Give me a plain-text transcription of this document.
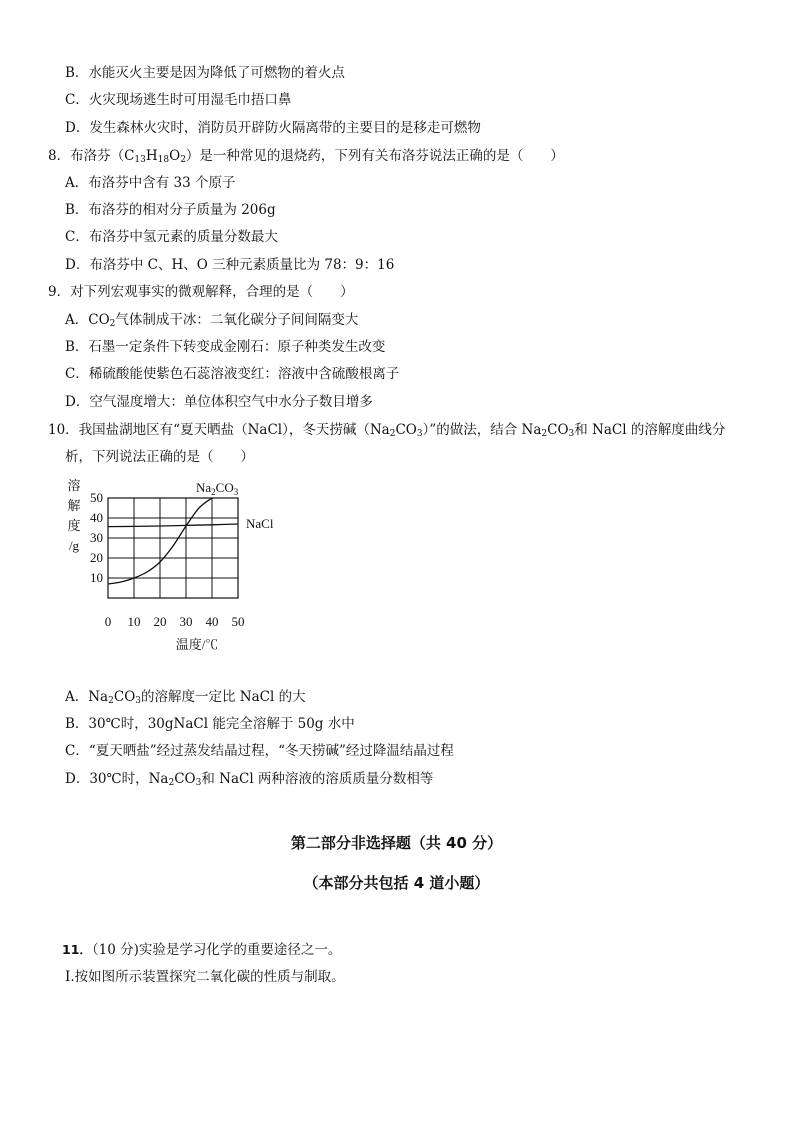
B．水能灭火主要是因为降低了可燃物的着火点
C．火灾现场逃生时可用湿毛巾捂口鼻
D．发生森林火灾时，消防员开辟防火隔离带的主要目的是移走可燃物
8．布洛芬$(C_{13}H_{18}O_2)$是一种常见的退烧药，下列有关布洛芬说法正确的是（　　）
A．布洛芬中含有 33 个原子
B．布洛芬的相对分子质量为 206g
C．布洛芬中氢元素的质量分数最大
D．布洛芬中 C、H、O 三种元素质量比为 78：9：16
9．对下列宏观事实的微观解释，合理的是（　　）
A．$CO_2$气体制成干冰：二氧化碳分子间间隔变大
B．石墨一定条件下转变成金刚石：原子种类发生改变
C．稀硫酸能使紫色石蕊溶液变红：溶液中含硫酸根离子
D．空气湿度增大：单位体积空气中水分子数目增多
10．我国盐湖地区有“夏天晒盐（NaCl），冬天捞碱$(Na_2CO_3)$”的做法，结合 $Na_2CO_3$和 NaCl 的溶解度曲线分
析，下列说法正确的是（　　）
溶
解
度
/g
10
20
30
40
50
0 10 20 30 40 50
$Na_2CO_3$
NaCl
温度/℃
A．$Na_2CO_3$的溶解度一定比 NaCl 的大
B．30℃时，30gNaCl 能完全溶解于 50g 水中
C．“夏天晒盐”经过蒸发结晶过程，“冬天捞碱”经过降温结晶过程
D．30℃时，$Na_2CO_3$和 NaCl 两种溶液的溶质质量分数相等
第二部分非选择题（共 40 分）
（本部分共包括 4 道小题）
11．（10 分)实验是学习化学的重要途径之一。
Ⅰ.按如图所示装置探究二氧化碳的性质与制取。
